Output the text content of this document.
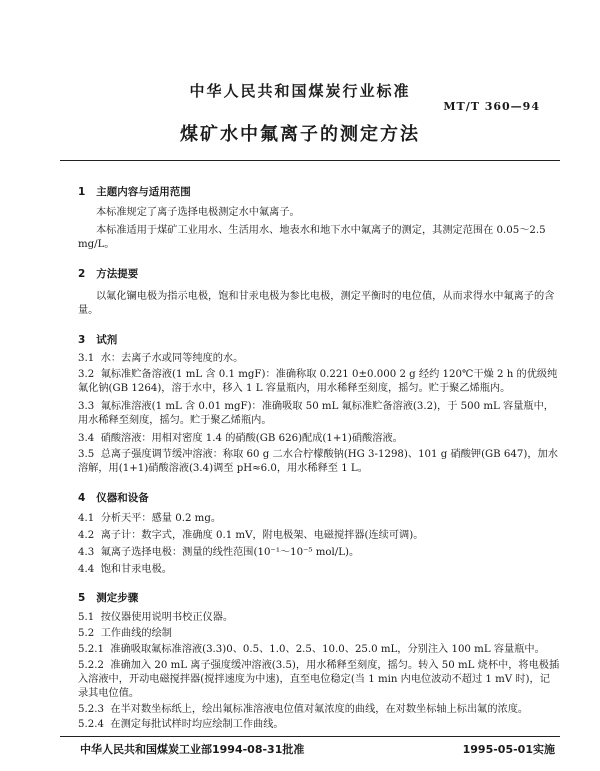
中华人民共和国煤炭行业标准
MT/T 360—94
煤矿水中氟离子的测定方法
1 主题内容与适用范围
本标准规定了离子选择电极测定水中氟离子。
本标准适用于煤矿工业用水、生活用水、地表水和地下水中氟离子的测定，其测定范围在 0.05～2.5 mg/L。
2 方法提要
以氟化镧电极为指示电极，饱和甘汞电极为参比电极，测定平衡时的电位值，从而求得水中氟离子的含量。
3 试剂
3.1 水：去离子水或同等纯度的水。
3.2 氟标准贮备溶液(1 mL 含 0.1 mgF)：准确称取 0.221 0±0.000 2 g 经约 120℃干燥 2 h 的优级纯氟化钠(GB 1264)，溶于水中，移入 1 L 容量瓶内，用水稀释至刻度，摇匀。贮于聚乙烯瓶内。
3.3 氟标准溶液(1 mL 含 0.01 mgF)：准确吸取 50 mL 氟标准贮备溶液(3.2)，于 500 mL 容量瓶中，用水稀释至刻度，摇匀。贮于聚乙烯瓶内。
3.4 硝酸溶液：用相对密度 1.4 的硝酸(GB 626)配成(1+1)硝酸溶液。
3.5 总离子强度调节缓冲溶液：称取 60 g 二水合柠檬酸钠(HG 3-1298)、101 g 硝酸钾(GB 647)，加水溶解，用(1+1)硝酸溶液(3.4)调至 pH≈6.0，用水稀释至 1 L。
4 仪器和设备
4.1 分析天平：感量 0.2 mg。
4.2 离子计：数字式，准确度 0.1 mV，附电极架、电磁搅拌器(连续可调)。
4.3 氟离子选择电极：测量的线性范围(10⁻¹～10⁻⁵ mol/L)。
4.4 饱和甘汞电极。
5 测定步骤
5.1 按仪器使用说明书校正仪器。
5.2 工作曲线的绘制
5.2.1 准确吸取氟标准溶液(3.3)0、0.5、1.0、2.5、10.0、25.0 mL，分别注入 100 mL 容量瓶中。
5.2.2 准确加入 20 mL 离子强度缓冲溶液(3.5)，用水稀释至刻度，摇匀。转入 50 mL 烧杯中，将电极插入溶液中，开动电磁搅拌器(搅拌速度为中速)，直至电位稳定(当 1 min 内电位波动不超过 1 mV 时)，记录其电位值。
5.2.3 在半对数坐标纸上，绘出氟标准溶液电位值对氟浓度的曲线，在对数坐标轴上标出氟的浓度。
5.2.4 在测定每批试样时均应绘制工作曲线。
中华人民共和国煤炭工业部1994-08-31批准	1995-05-01实施
